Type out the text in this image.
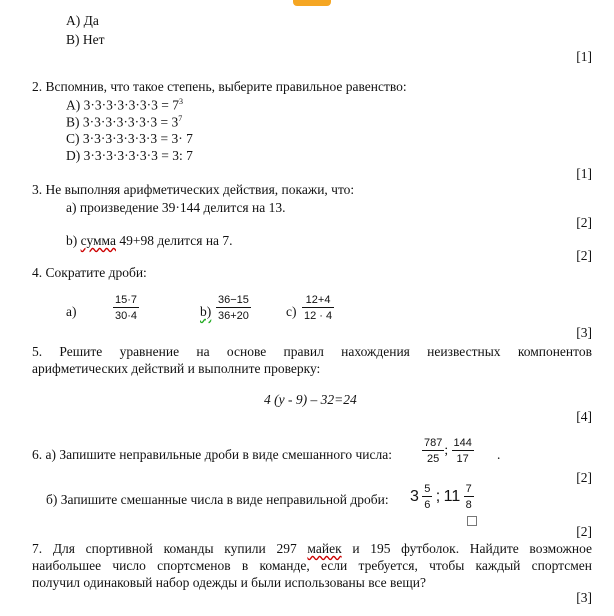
А) Да
В) Нет
[1]
2. Вспомнив, что такое степень, выберите правильное равенство:
A) $3\cdot 3\cdot 3\cdot 3\cdot 3\cdot 3\cdot 3 = 7^3$
B) $3\cdot 3\cdot 3\cdot 3\cdot 3\cdot 3\cdot 3 = 3^7$
C) 3·3·3·3·3·3·3 = 3· 7
D) 3·3·3·3·3·3·3 = 3: 7
[1]
3. Не выполняя арифметических действия, покажи, что:
a) произведение 39·144 делится на 13.
[2]
b) сумма 49+98 делится на 7.
[2]
4. Сократите дроби:
a)	$\frac{15\cdot 7}{30\cdot 4}$	$b) \frac{36-15}{36+20}$	$c) \frac{12+4}{12 \cdot 4}$
[3]
5. Решите уравнение на основе правил нахождения неизвестных компонентов
арифметических действий и выполните проверку:
4 (у - 9) – 32=24
[4]
6. а) Запишите неправильные дроби в виде смешанного числа:	$\frac{787}{25}$ ; $\frac{144}{17}$ .
[2]
б) Запишите смешанные числа в виде неправильной дроби: $3 \frac{5}{6}$ ; $11 \frac{7}{8}$
[2]
7. Для спортивной команды купили 297 майек и 195 футболок. Найдите возможное
наибольшее число спортсменов в команде, если требуется, чтобы каждый спортсмен
получил одинаковый набор одежды и были использованы все вещи?
[3]
